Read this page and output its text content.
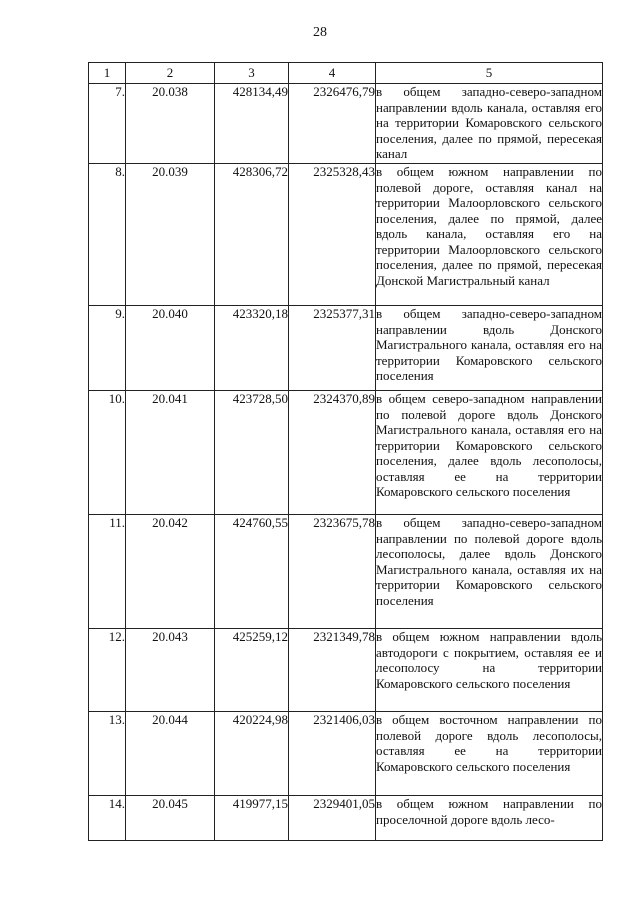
28
1	2	3	4	5
7.	20.038	428134,49	2326476,79	в общем западно-северо-западном направлении вдоль канала, оставляя его на территории Комаровского сельского поселения, далее по прямой, пересекая канал
8.	20.039	428306,72	2325328,43	в общем южном направлении по полевой дороге, оставляя канал на территории Малоорловского сельского поселения, далее по прямой, далее вдоль канала, оставляя его на территории Малоорловского сельского поселения, далее по прямой, пересекая Донской Магистральный канал
9.	20.040	423320,18	2325377,31	в общем западно-северо-западном направлении вдоль Донского Магистрального канала, оставляя его на территории Комаровского сельского поселения
10.	20.041	423728,50	2324370,89	в общем северо-западном направлении по полевой дороге вдоль Донского Магистрального канала, оставляя его на территории Комаровского сельского поселения, далее вдоль лесополосы, оставляя ее на территории Комаровского сельского поселения
11.	20.042	424760,55	2323675,78	в общем западно-северо-западном направлении по полевой дороге вдоль лесополосы, далее вдоль Донского Магистрального канала, оставляя их на территории Комаровского сельского поселения
12.	20.043	425259,12	2321349,78	в общем южном направлении вдоль автодороги с покрытием, оставляя ее и лесополосу на территории Комаровского сельского поселения
13.	20.044	420224,98	2321406,03	в общем восточном направлении по полевой дороге вдоль лесополосы, оставляя ее на территории Комаровского сельского поселения
14.	20.045	419977,15	2329401,05	в общем южном направлении по проселочной дороге вдоль лесо-
